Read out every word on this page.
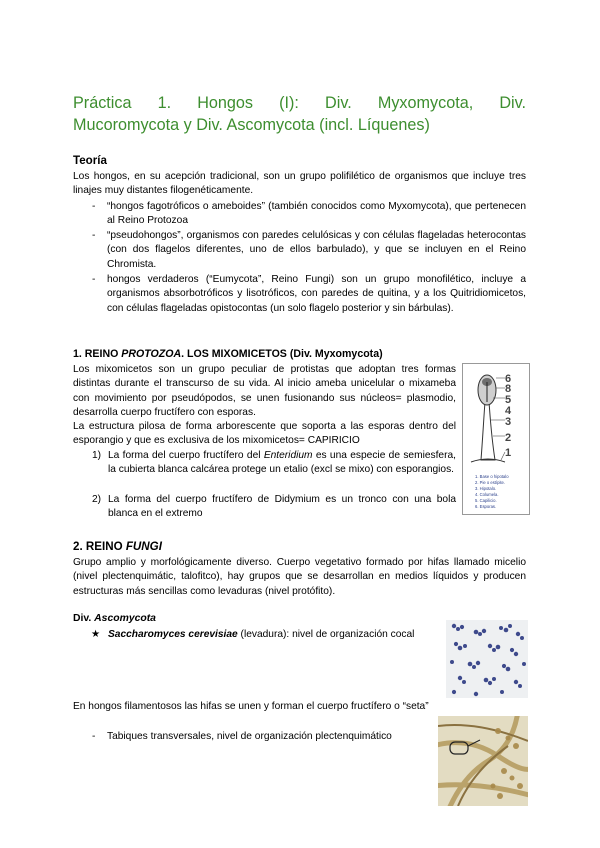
Práctica 1. Hongos (I): Div. Myxomycota, Div.
Mucoromycota y Div. Ascomycota (incl. Líquenes)
Teoría
Los hongos, en su acepción tradicional, son un grupo polifilético de organismos que incluye tres linajes muy distantes filogenéticamente.
- “hongos fagotróficos o ameboides” (también conocidos como Myxomycota), que pertenecen al Reino Protozoa
- “pseudohongos”, organismos con paredes celulósicas y con células flageladas heterocontas (con dos flagelos diferentes, uno de ellos barbulado), y que se incluyen en el Reino Chromista.
- hongos verdaderos (“Eumycota”, Reino Fungi) son un grupo monofilético, incluye a organismos absorbotróficos y lisotróficos, con paredes de quitina, y a los Quitridiomicetos, con células flageladas opistocontas (un solo flagelo posterior y sin bárbulas).
1. REINO PROTOZOA. LOS MIXOMICETOS (Div. Myxomycota)
Los mixomicetos son un grupo peculiar de protistas que adoptan tres formas distintas durante el transcurso de su vida. Al inicio ameba unicelular o mixameba con movimiento por pseudópodos, se unen fusionando sus núcleos= plasmodio, desarrolla cuerpo fructífero con esporas.
La estructura pilosa de forma arborescente que soporta a las esporas dentro del esporangio y que es exclusiva de los mixomicetos= CAPIRICIO
1) La forma del cuerpo fructífero del Enteridium es una especie de semiesfera, la cubierta blanca calcárea protege un etalio (excl se mixo) con esporangios.
2) La forma del cuerpo fructífero de Didymium es un tronco con una bola blanca en el extremo
6
8
5
4
3
2
1
1. Base o hipotalo
2. Pie o estípite.
3. Hipotalo.
4. Columela.
5. Capilicio.
6. Esporas.
2. REINO FUNGI
Grupo amplio y morfológicamente diverso. Cuerpo vegetativo formado por hifas llamado micelio (nivel plectenquimátic, talofitco), hay grupos que se desarrollan en medios líquidos y producen estructuras más sencillas como levaduras (nivel protófito).
Div. Ascomycota
★ Saccharomyces cerevisiae (levadura): nivel de organización cocal
En hongos filamentosos las hifas se unen y forman el cuerpo fructífero o “seta”
- Tabiques transversales, nivel de organización plectenquimático
